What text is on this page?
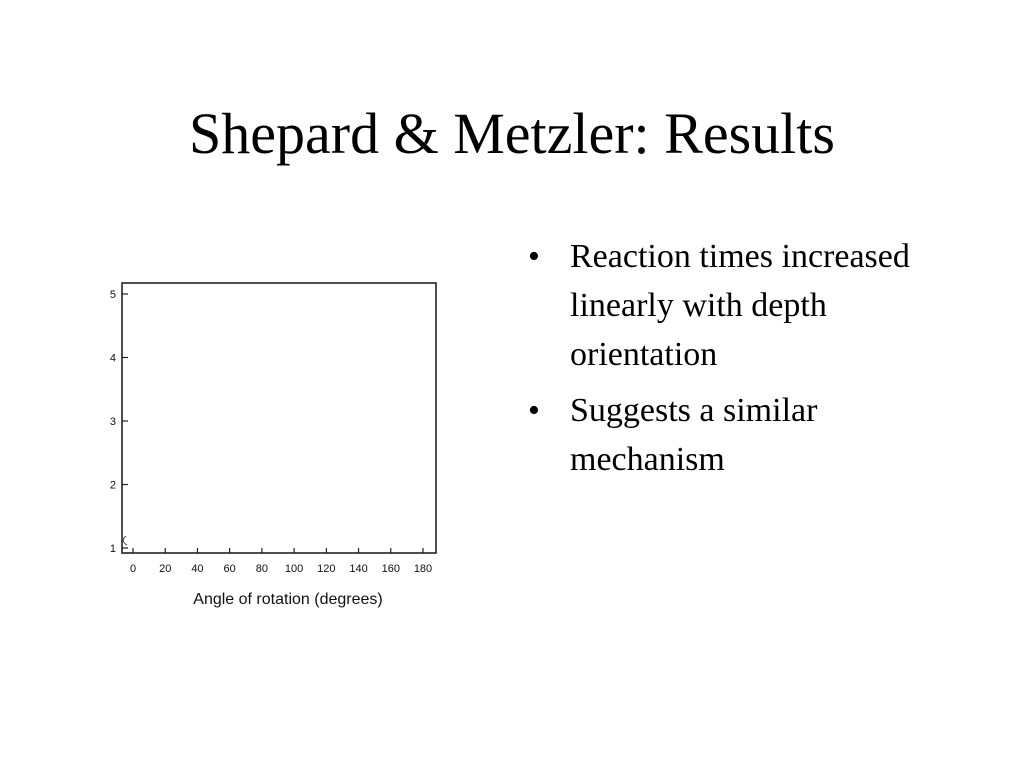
Shepard & Metzler: Results
1
2
3
4
5
0 20 40 60 80 100 120 140 160 180
Angle of rotation (degrees)
• Reaction times increased linearly with depth orientation
• Suggests a similar mechanism
